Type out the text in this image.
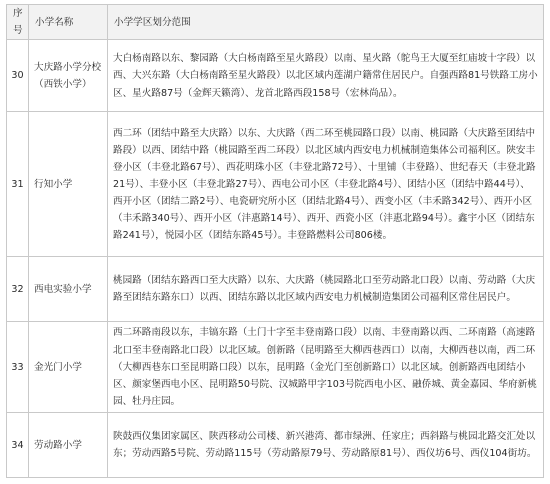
序号	小学名称	小学学区划分范围
30	大庆路小学分校（西铁小学）	大白杨南路以东、黎园路（大白杨南路至星火路段）以南、星火路（鸵鸟王大厦至红庙坡十字段）以西、大兴东路（大白杨南路至星火路段）以北区域内莲湖户籍常住居民户。自强西路81号铁路工房小区、星火路87号（金辉天籁湾）、龙首北路西段158号（宏林尚品）。
31	行知小学	西二环（团结中路至大庆路）以东、大庆路（西二环至桃园路口段）以南、桃园路（大庆路至团结中路段）以西、团结中路（桃园路至西二环段）以北区域内西安电力机械制造集体公司福利区。陕安丰登小区（丰登北路67号）、西花明珠小区（丰登北路72号）、十里铺（丰登路）、世纪春天（丰登北路21号）、丰登小区（丰登北路27号）、西电公司小区（丰登北路4号）、团结小区（团结中路44号）、西开小区（团结二路2号）、电瓷研究所小区（团结北路4号）、西变小区（丰禾路342号）、西开小区（丰禾路340号）、西开小区（沣惠路14号）、西开、西瓷小区（沣惠北路94号）。鑫宇小区（团结东路241号），悦园小区（团结东路45号）。丰登路燃料公司806楼。
32	西电实验小学	桃园路（团结东路西口至大庆路）以东、大庆路（桃园路北口至劳动路北口段）以南、劳动路（大庆路至团结东路东口）以西、团结东路以北区域内西安电力机械制造集团公司福利区常住居民户。
33	金光门小学	西二环路南段以东，丰镐东路（土门十字至丰登南路口段）以南、丰登南路以西、二环南路（高速路北口至丰登南路北口段）以北区域。创新路（昆明路至大柳西巷西口）以南，大柳西巷以南，西二环（大柳西巷东口至昆明路口段）以东，昆明路（金光门至创新路口）以北区域。创新路西电团结小区、颜家堡西电小区、昆明路50号院、汉城路甲字103号院西电小区、融侨城、黄金嘉园、华府新桃园、牡丹庄园。
34	劳动路小学	陕鼓西仪集团家属区、陕西移动公司楼、新兴港湾、都市绿洲、任家庄；西斜路与桃园北路交汇处以东；劳动西路5号院、劳动路115号（劳动路原79号、劳动路原81号）、西仪坊6号、西仪104街坊。
